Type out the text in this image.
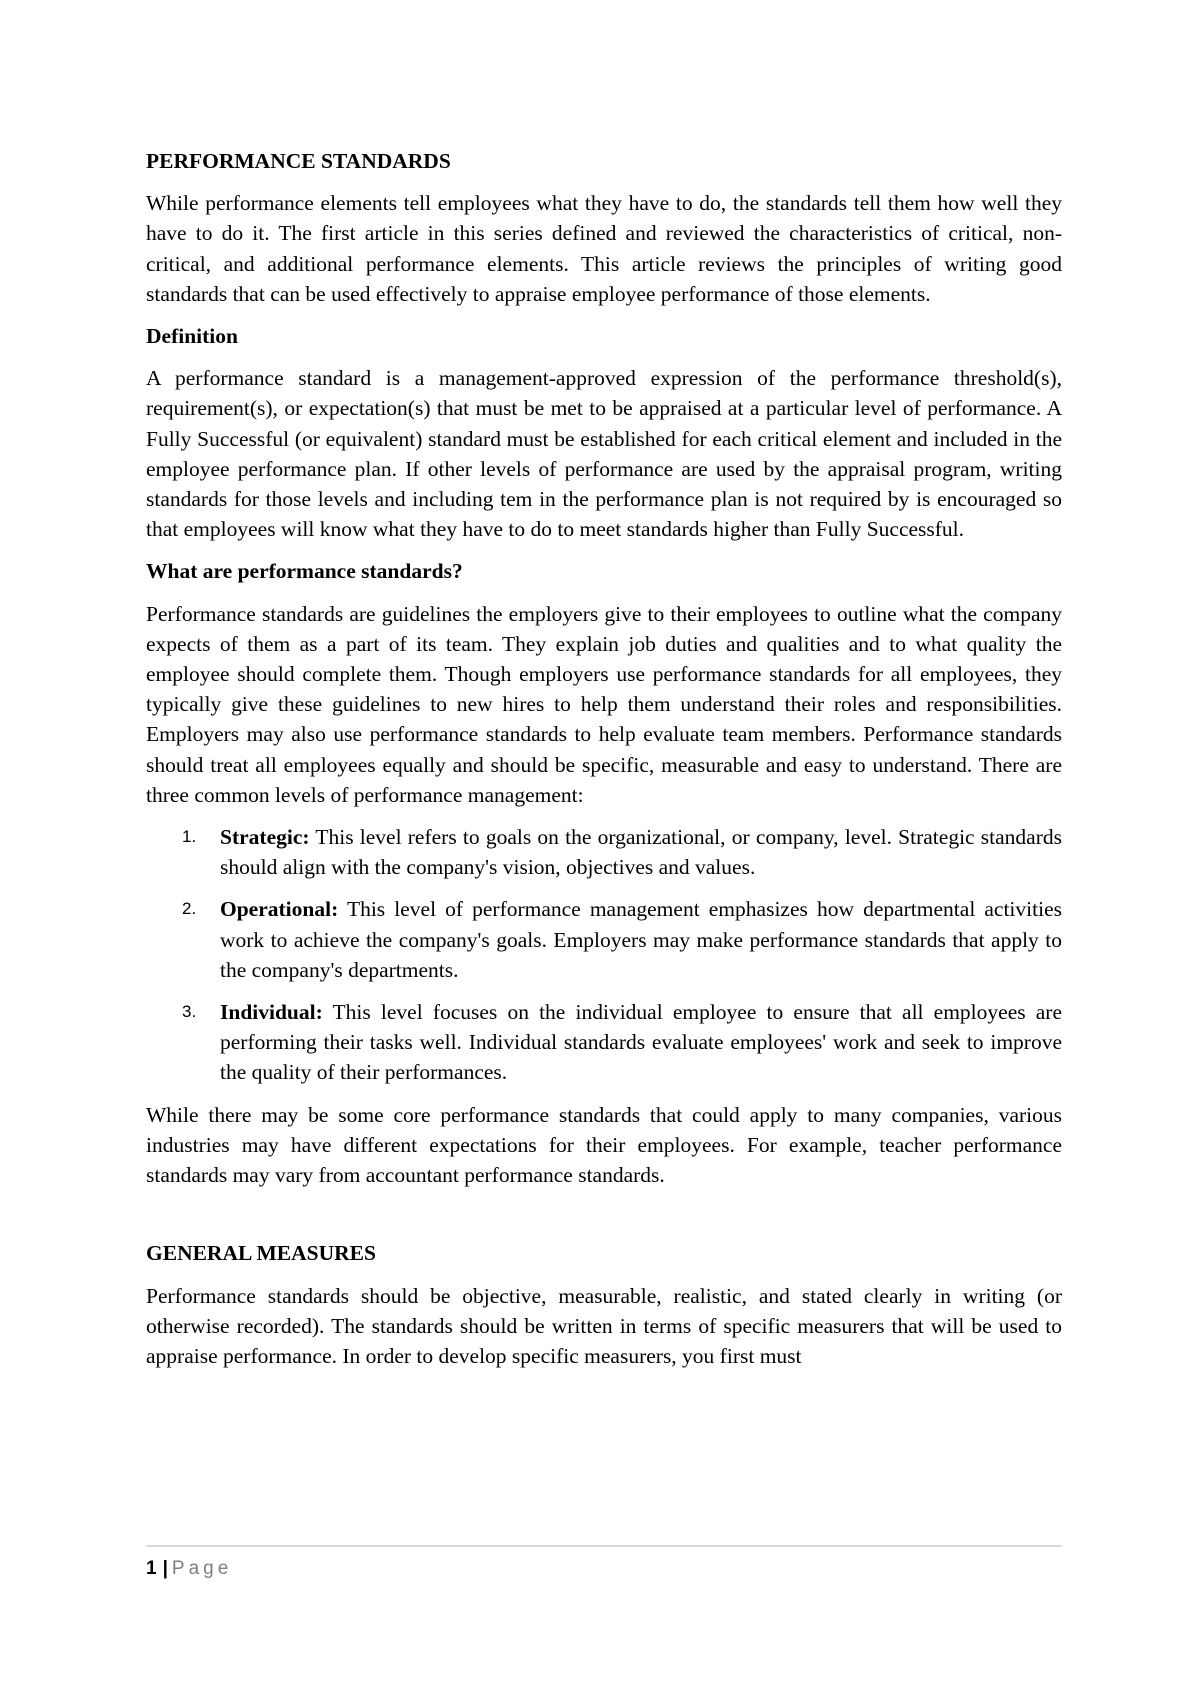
PERFORMANCE STANDARDS

While performance elements tell employees what they have to do, the standards tell them how well they have to do it. The first article in this series defined and reviewed the characteristics of critical, non-critical, and additional performance elements. This article reviews the principles of writing good standards that can be used effectively to appraise employee performance of those elements.

Definition

A performance standard is a management-approved expression of the performance threshold(s), requirement(s), or expectation(s) that must be met to be appraised at a particular level of performance. A Fully Successful (or equivalent) standard must be established for each critical element and included in the employee performance plan. If other levels of performance are used by the appraisal program, writing standards for those levels and including tem in the performance plan is not required by is encouraged so that employees will know what they have to do to meet standards higher than Fully Successful.

What are performance standards?

Performance standards are guidelines the employers give to their employees to outline what the company expects of them as a part of its team. They explain job duties and qualities and to what quality the employee should complete them. Though employers use performance standards for all employees, they typically give these guidelines to new hires to help them understand their roles and responsibilities. Employers may also use performance standards to help evaluate team members. Performance standards should treat all employees equally and should be specific, measurable and easy to understand. There are three common levels of performance management:

1. Strategic: This level refers to goals on the organizational, or company, level. Strategic standards should align with the company's vision, objectives and values.
2. Operational: This level of performance management emphasizes how departmental activities work to achieve the company's goals. Employers may make performance standards that apply to the company's departments.
3. Individual: This level focuses on the individual employee to ensure that all employees are performing their tasks well. Individual standards evaluate employees' work and seek to improve the quality of their performances.

While there may be some core performance standards that could apply to many companies, various industries may have different expectations for their employees. For example, teacher performance standards may vary from accountant performance standards.

GENERAL MEASURES

Performance standards should be objective, measurable, realistic, and stated clearly in writing (or otherwise recorded). The standards should be written in terms of specific measurers that will be used to appraise performance. In order to develop specific measurers, you first must

1 | Page
